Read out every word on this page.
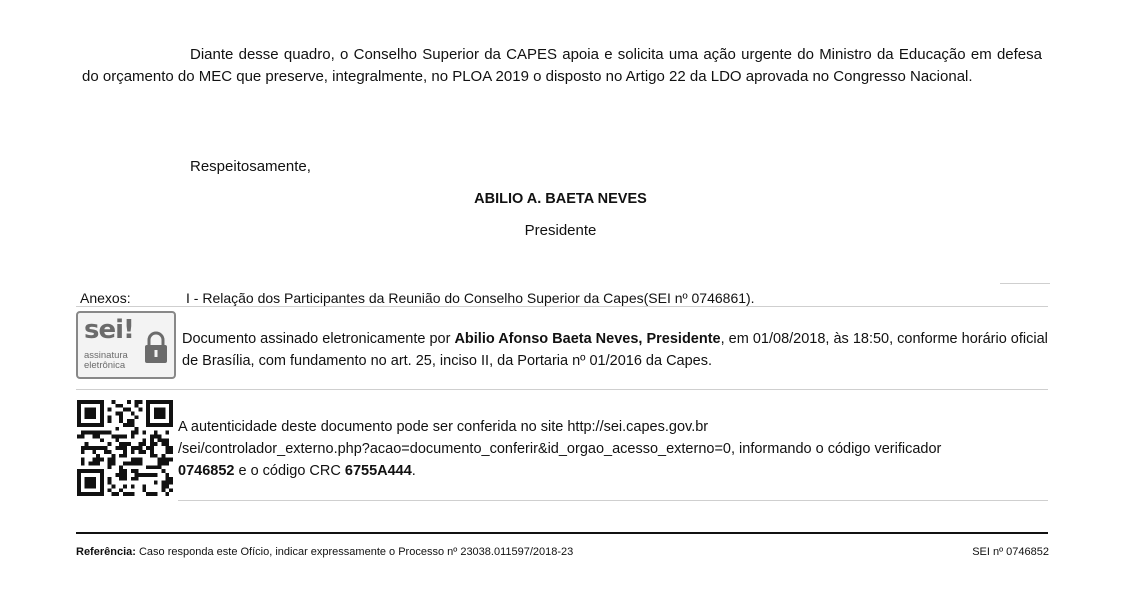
Diante desse quadro, o Conselho Superior da CAPES apoia e solicita uma ação urgente do Ministro da Educação em defesa do orçamento do MEC que preserve, integralmente, no PLOA 2019 o disposto no Artigo 22 da LDO aprovada no Congresso Nacional.
Respeitosamente,
ABILIO A. BAETA NEVES
Presidente
Anexos:	I - Relação dos Participantes da Reunião do Conselho Superior da Capes(SEI nº 0746861).
sei!
assinatura
eletrônica
Documento assinado eletronicamente por Abilio Afonso Baeta Neves, Presidente, em 01/08/2018, às 18:50, conforme horário oficial de Brasília, com fundamento no art. 25, inciso II, da Portaria nº 01/2016 da Capes.
A autenticidade deste documento pode ser conferida no site http://sei.capes.gov.br
/sei/controlador_externo.php?acao=documento_conferir&id_orgao_acesso_externo=0, informando o código verificador
0746852 e o código CRC 6755A444.
Referência: Caso responda este Ofício, indicar expressamente o Processo nº 23038.011597/2018-23	SEI nº 0746852
